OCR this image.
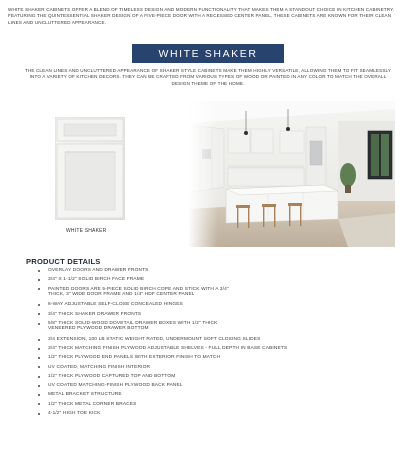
WHITE SHAKER CABINETS OFFER A BLEND OF TIMELESS DESIGN AND MODERN FUNCTIONALITY THAT MAKES THEM A STANDOUT CHOICE IN KITCHEN CABINETRY. FEATURING THE QUINTESSENTIAL SHAKER DESIGN OF A FIVE-PIECE DOOR WITH A RECESSED CENTER PANEL, THESE CABINETS ARE KNOWN FOR THEIR CLEAN LINES AND UNCLUTTERED APPEARANCE.

WHITE SHAKER

THE CLEAN LINES AND UNCLUTTERED APPEARANCE OF SHAKER STYLE CABINETS MAKE THEM HIGHLY VERSATILE, ALLOWING THEM TO FIT SEAMLESSLY INTO A VARIETY OF KITCHEN DECORS. THEY CAN BE CRAFTED FROM VARIOUS TYPES OF WOOD OR PAINTED IN ANY COLOR TO MATCH THE OVERALL DESIGN THEME OF THE HOME.

WHITE SHAKER
PRODUCT DETAILS
OVERLAY DOORS AND DRAWER FRONTS
3/4" X 1-1/2" SOLID BIRCH FACE FRAME
PAINTED DOORS ARE 5-PIECE SOLID BIRCH COPE AND STICK WITH A 3/4"
THICK, 3" WIDE DOOR FRAME AND 1/4" HDF CENTER PANEL
6-WAY ADJUSTABLE SELF-CLOSE CONCEALED HINGES
3/4" THICK SHAKER DRAWER FRONTS
5/8" THICK SOLID-WOOD DOVETAIL DRAWER BOXES WITH 1/2" THICK
VENEERED PLYWOOD DRAWER BOTTOM
3/4 EXTENSION, 100 LB STATIC WEIGHT RATED, UNDERMOUNT SOFT CLOSING SLIDES
3/4" THICK MATCHING FINISH PLYWOOD ADJUSTABLE SHELVES - FULL DEPTH IN BASE CABINETS
1/2" THICK PLYWOOD END PANELS WITH EXTERIOR FINISH TO MATCH
UV COATED, MATCHING FINISH INTERIOR
1/2" THICK PLYWOOD CAPTURED TOP AND BOTTOM
UV COATED MATCHING-FINISH PLYWOOD BACK PANEL
METAL BRACKET STRUCTURE
1/2" THICK METAL CORNER BRACES
4-1/2" HIGH TOE KICK
